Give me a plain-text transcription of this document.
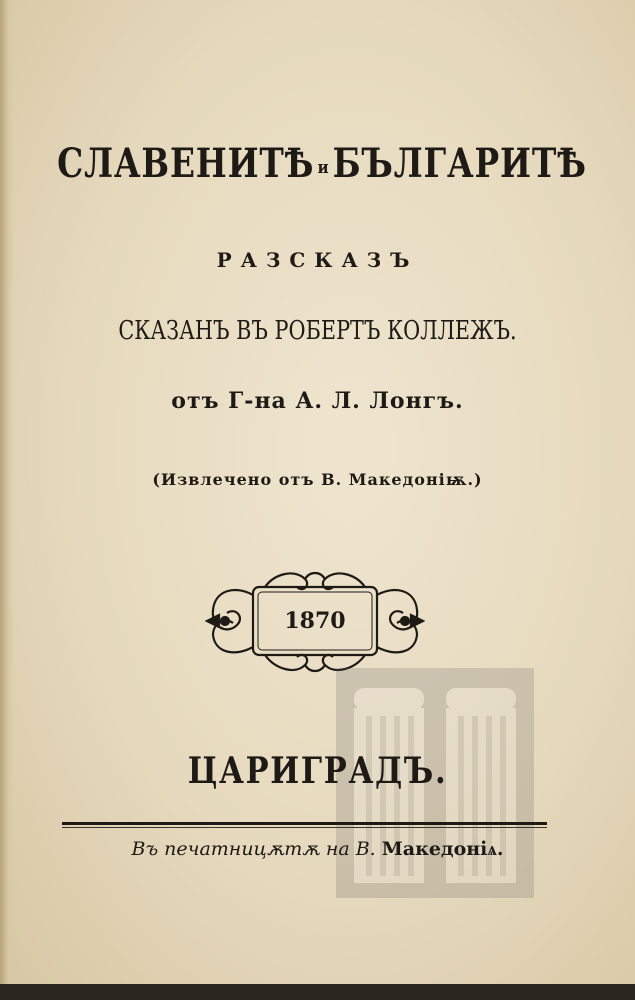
СЛАВЕНИТѢ иБЪЛГАРИТѢ
РАЗСКАЗЪ
СКАЗАНЪ ВЪ РОБЕРТЪ КОЛЛЕЖЪ.
отъ Г-на А. Л. Лонгъ.
(Извлечено отъ В. Македоніѭ.)
1870
ЦАРИГРАДЪ.
Въ печатницѫтѫ на В. Македоніѧ.
